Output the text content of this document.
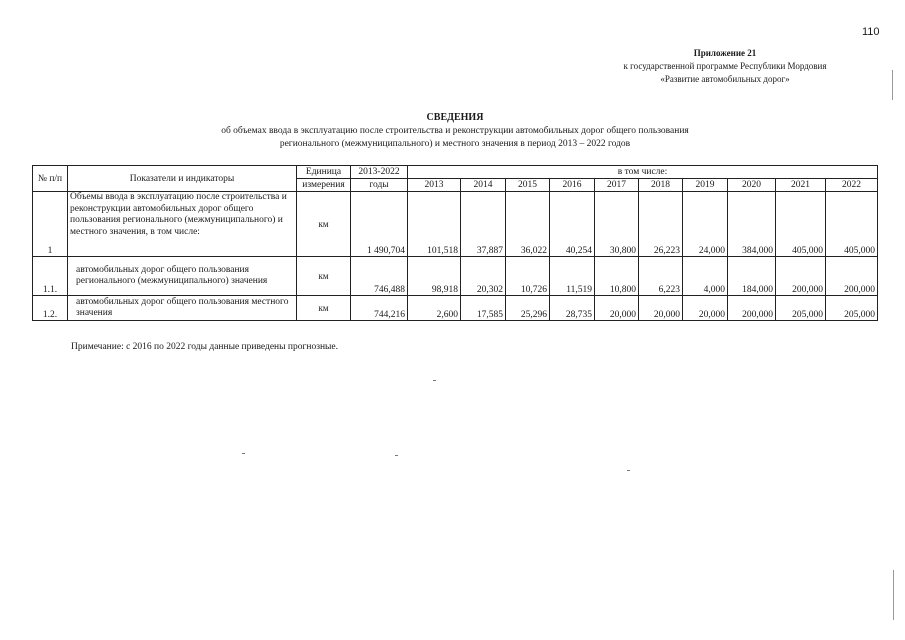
110
Приложение 21
к государственной программе Республики Мордовия
«Развитие автомобильных дорог»
СВЕДЕНИЯ
об объемах ввода в эксплуатацию после строительства и реконструкции автомобильных дорог общего пользования
регионального (межмуниципального) и местного значения в период 2013 – 2022 годов
№ п/п	Показатели и индикаторы	Единица	2013-2022	в том числе:									
		измерения	годы	2013	2014	2015	2016	2017	2018	2019	2020	2021	2022
1	Объемы ввода в эксплуатацию после строительства и реконструкции автомобильных дорог общего пользования регионального (межмуниципального) и местного значения, в том числе:	км	1 490,704	101,518	37,887	36,022	40,254	30,800	26,223	24,000	384,000	405,000	405,000
1.1.	автомобильных дорог общего пользования регионального (межмуниципального) значения	км	746,488	98,918	20,302	10,726	11,519	10,800	6,223	4,000	184,000	200,000	200,000
1.2.	автомобильных дорог общего пользования местного значения	км	744,216	2,600	17,585	25,296	28,735	20,000	20,000	20,000	200,000	205,000	205,000
Примечание: с 2016 по 2022 годы данные приведены прогнозные.
